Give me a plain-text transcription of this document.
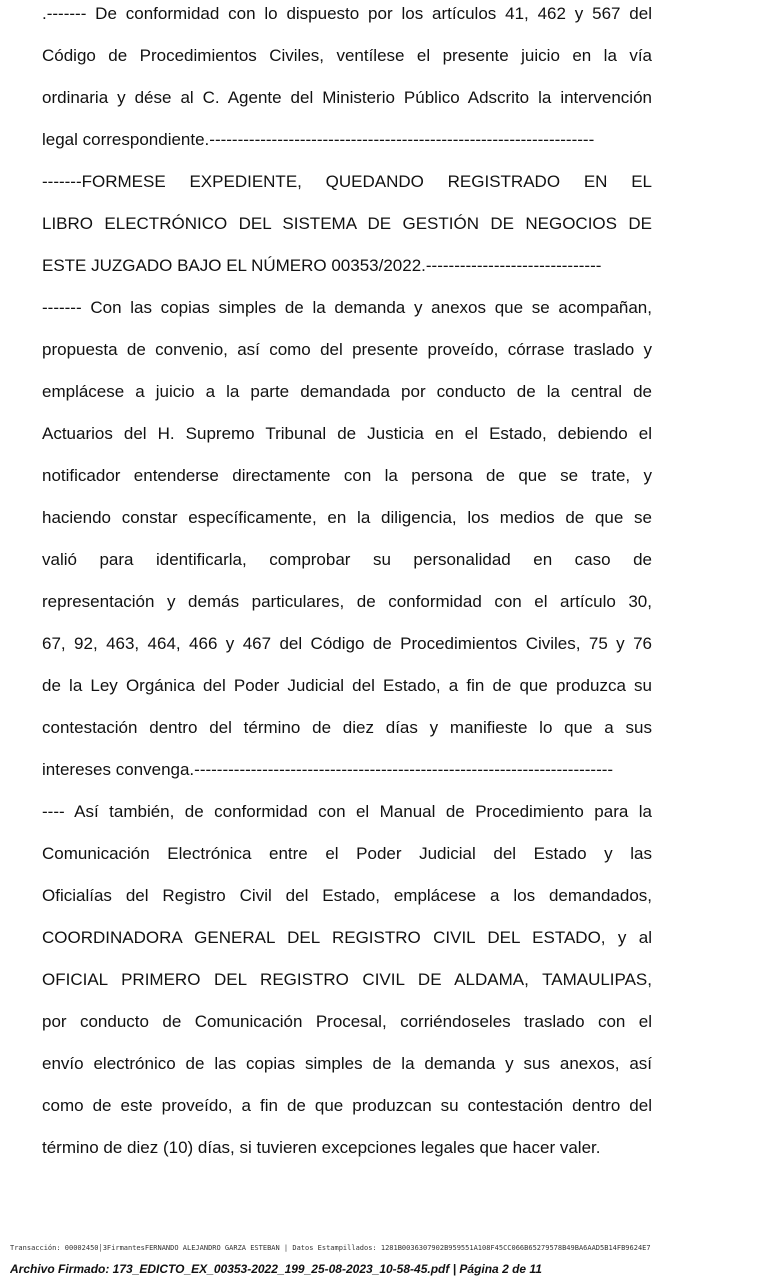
.------- De conformidad con lo dispuesto por los artículos 41, 462 y 567 del
Código de Procedimientos Civiles, ventílese el presente juicio en la vía
ordinaria y dése al C. Agente del Ministerio Público Adscrito la intervención
legal correspondiente.--------------------------------------------------------------------
-------FORMESE EXPEDIENTE, QUEDANDO REGISTRADO EN EL
LIBRO ELECTRÓNICO DEL SISTEMA DE GESTIÓN DE NEGOCIOS DE
ESTE JUZGADO BAJO EL NÚMERO 00353/2022.-------------------------------
------- Con las copias simples de la demanda y anexos que se acompañan,
propuesta de convenio, así como del presente proveído, córrase traslado y
emplácese a juicio a la parte demandada por conducto de la central de
Actuarios del H. Supremo Tribunal de Justicia en el Estado, debiendo el
notificador entenderse directamente con la persona de que se trate, y
haciendo constar específicamente, en la diligencia, los medios de que se
valió para identificarla, comprobar su personalidad en caso de
representación y demás particulares, de conformidad con el artículo 30,
67, 92, 463, 464, 466 y 467 del Código de Procedimientos Civiles, 75 y 76
de la Ley Orgánica del Poder Judicial del Estado, a fin de que produzca su
contestación dentro del término de diez días y manifieste lo que a sus
intereses convenga.--------------------------------------------------------------------------
---- Así también, de conformidad con el Manual de Procedimiento para la
Comunicación Electrónica entre el Poder Judicial del Estado y las
Oficialías del Registro Civil del Estado, emplácese a los demandados,
COORDINADORA GENERAL DEL REGISTRO CIVIL DEL ESTADO, y al
OFICIAL PRIMERO DEL REGISTRO CIVIL DE ALDAMA, TAMAULIPAS,
por conducto de Comunicación Procesal, corriéndoseles traslado con el
envío electrónico de las copias simples de la demanda y sus anexos, así
como de este proveído, a fin de que produzcan su contestación dentro del
término de diez (10) días, si tuvieren excepciones legales que hacer valer.
Transacción: 00002450│3FirmantesFERNANDO ALEJANDRO GARZA ESTEBAN | Datos Estampillados: 1281B0036307902B959551A108F45CC066B65279578B49BA6AAD5B14FB9624E7
Archivo Firmado: 173_EDICTO_EX_00353-2022_199_25-08-2023_10-58-45.pdf | Página 2 de 11
